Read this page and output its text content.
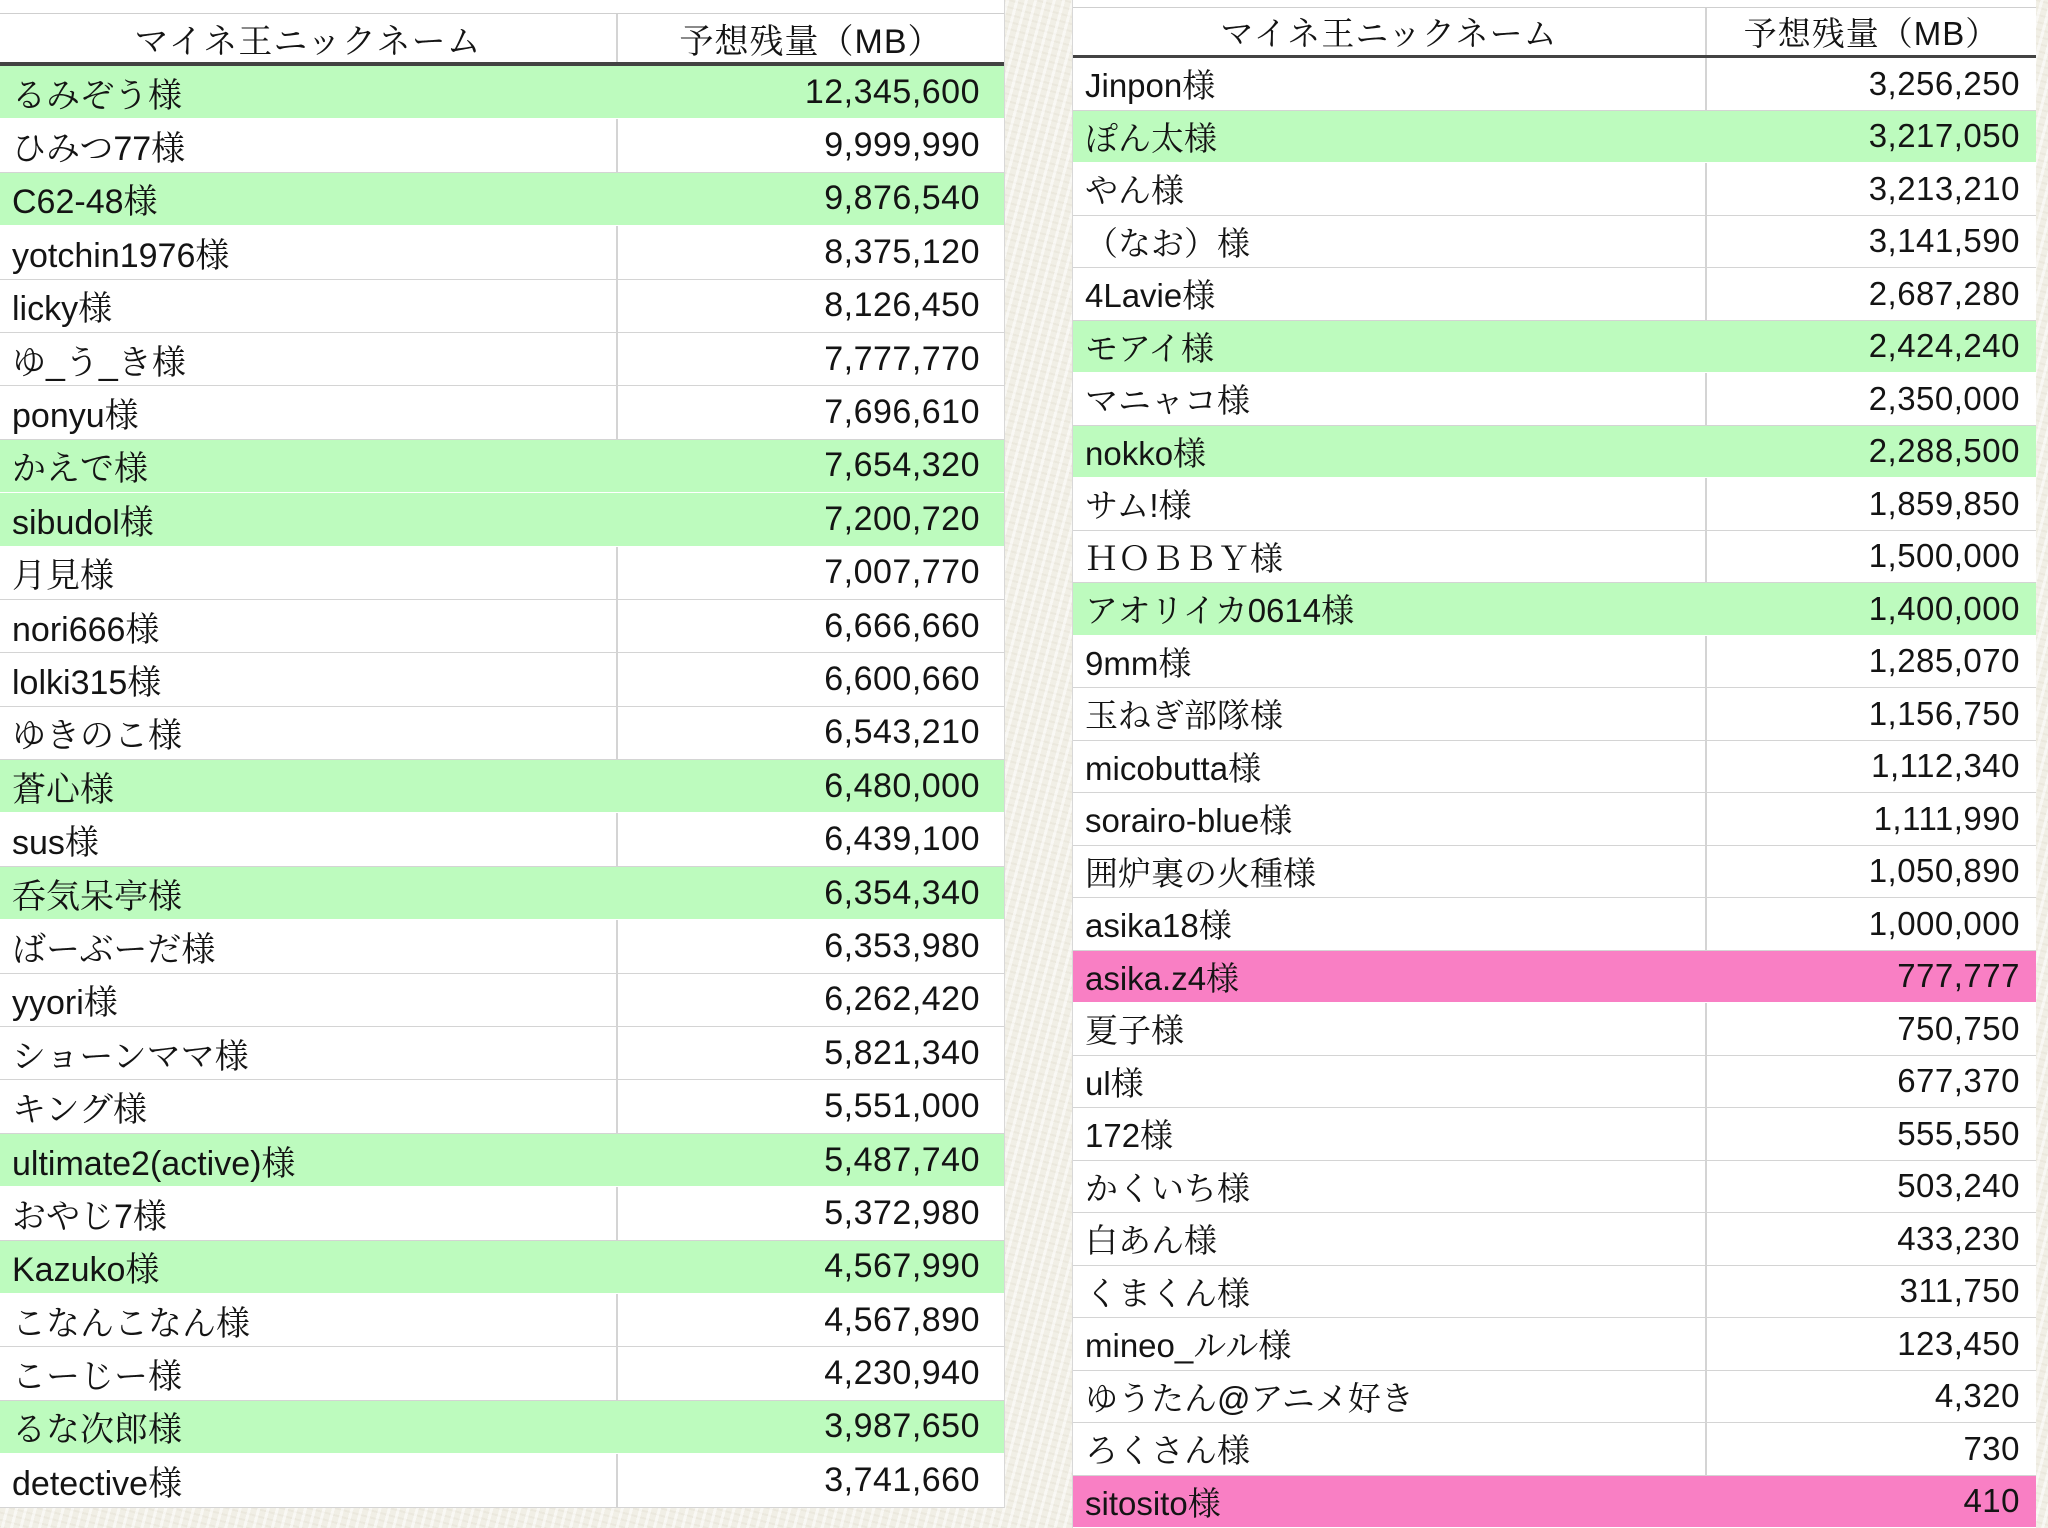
マイネ王ニックネーム	予想残量（MB）
るみぞう様	12,345,600
ひみつ77様	9,999,990
C62-48様	9,876,540
yotchin1976様	8,375,120
licky様	8,126,450
ゆ_う_き様	7,777,770
ponyu様	7,696,610
かえで様	7,654,320
sibudol様	7,200,720
月見様	7,007,770
nori666様	6,666,660
lolki315様	6,600,660
ゆきのこ様	6,543,210
蒼心様	6,480,000
sus様	6,439,100
呑気呆亭様	6,354,340
ばーぶーだ様	6,353,980
yyori様	6,262,420
ショーンママ様	5,821,340
キング様	5,551,000
ultimate2(active)様	5,487,740
おやじ7様	5,372,980
Kazuko様	4,567,990
こなんこなん様	4,567,890
こーじー様	4,230,940
るな次郎様	3,987,650
detective様	3,741,660
マイネ王ニックネーム	予想残量（MB）
Jinpon様	3,256,250
ぽん太様	3,217,050
やん様	3,213,210
（なお）様	3,141,590
4Lavie様	2,687,280
モアイ様	2,424,240
マニャコ様	2,350,000
nokko様	2,288,500
サム!様	1,859,850
ＨＯＢＢＹ様	1,500,000
アオリイカ0614様	1,400,000
9mm様	1,285,070
玉ねぎ部隊様	1,156,750
micobutta様	1,112,340
sorairo-blue様	1,111,990
囲炉裏の火種様	1,050,890
asika18様	1,000,000
asika.z4様	777,777
夏子様	750,750
ul様	677,370
172様	555,550
かくいち様	503,240
白あん様	433,230
くまくん様	311,750
mineo_ルル様	123,450
ゆうたん@アニメ好き	4,320
ろくさん様	730
sitosito様	410
